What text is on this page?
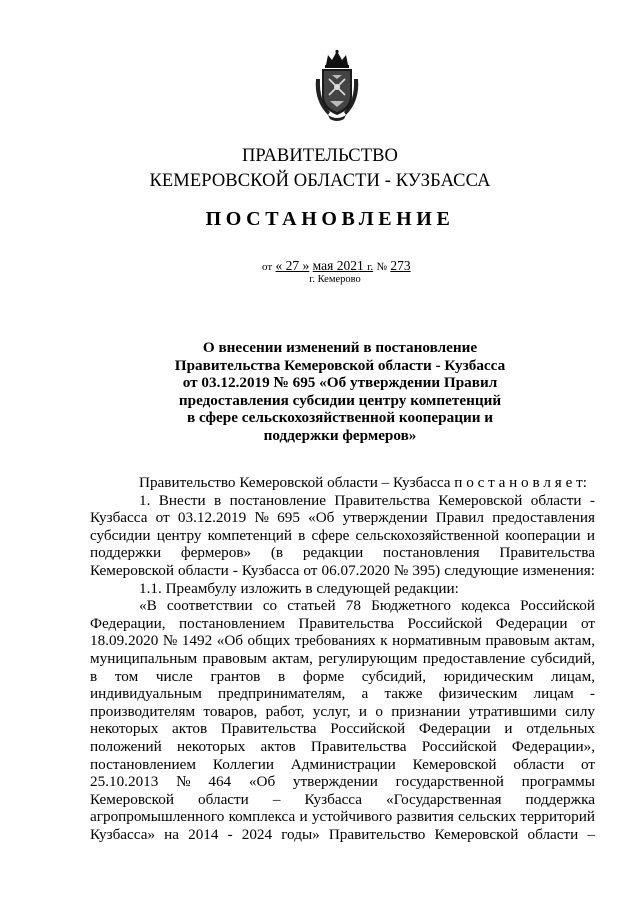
ПРАВИТЕЛЬСТВО
КЕМЕРОВСКОЙ ОБЛАСТИ - КУЗБАССА
ПОСТАНОВЛЕНИЕ
от « 27 » мая 2021 г. № 273
г. Кемерово
О внесении изменений в постановление
Правительства Кемеровской области - Кузбасса
от 03.12.2019 № 695 «Об утверждении Правил
предоставления субсидии центру компетенций
в сфере сельскохозяйственной кооперации и
поддержки фермеров»
Правительство Кемеровской области – Кузбасса п о с т а н о в л я е т:
1. Внести в постановление Правительства Кемеровской области -
Кузбасса от 03.12.2019 № 695 «Об утверждении Правил предоставления
субсидии центру компетенций в сфере сельскохозяйственной кооперации и
поддержки фермеров» (в редакции постановления Правительства
Кемеровской области - Кузбасса от 06.07.2020 № 395) следующие изменения:
1.1. Преамбулу изложить в следующей редакции:
«В соответствии со статьей 78 Бюджетного кодекса Российской
Федерации, постановлением Правительства Российской Федерации от
18.09.2020 № 1492 «Об общих требованиях к нормативным правовым актам,
муниципальным правовым актам, регулирующим предоставление субсидий,
в том числе грантов в форме субсидий, юридическим лицам,
индивидуальным предпринимателям, а также физическим лицам -
производителям товаров, работ, услуг, и о признании утратившими силу
некоторых актов Правительства Российской Федерации и отдельных
положений некоторых актов Правительства Российской Федерации»,
постановлением Коллегии Администрации Кемеровской области от
25.10.2013 № 464 «Об утверждении государственной программы
Кемеровской области – Кузбасса «Государственная поддержка
агропромышленного комплекса и устойчивого развития сельских территорий
Кузбасса» на 2014 - 2024 годы» Правительство Кемеровской области –
